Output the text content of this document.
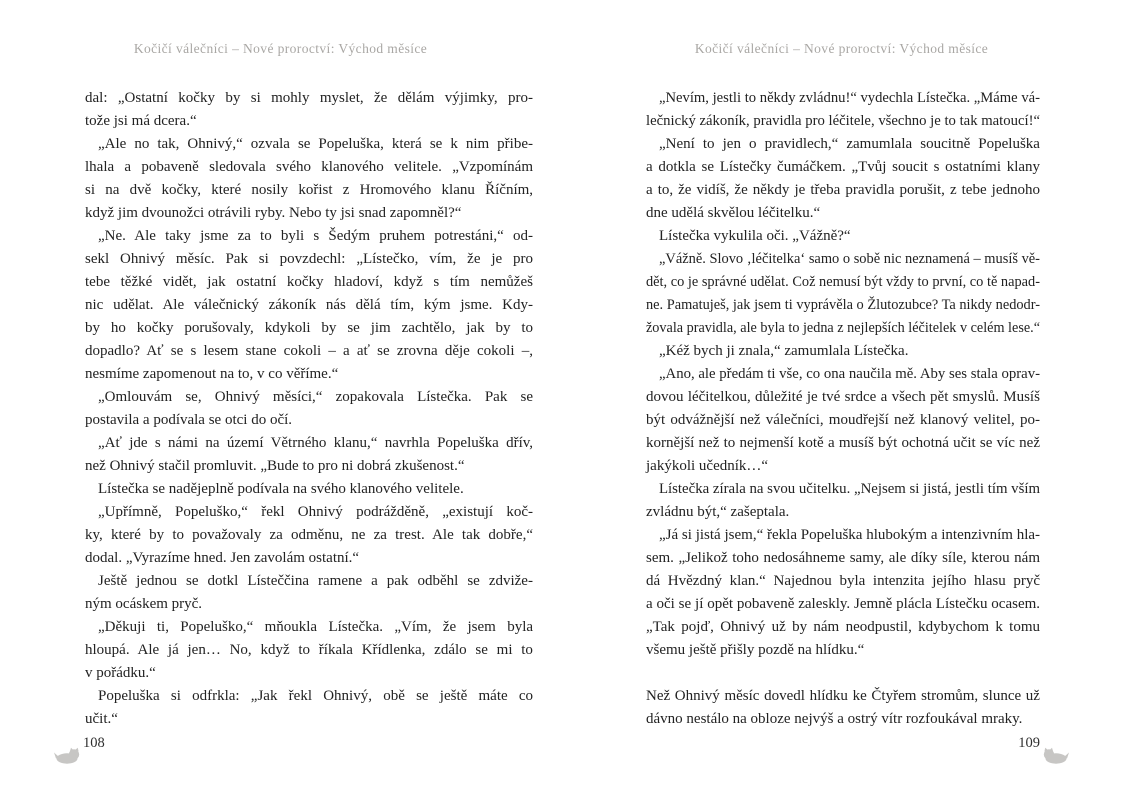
Kočičí válečníci – Nové proroctví: Východ měsíce	Kočičí válečníci – Nové proroctví: Východ měsíce

dal: „Ostatní kočky by si mohly myslet, že dělám výjimky, pro-
tože jsi má dcera.“

„Ale no tak, Ohnivý,“ ozvala se Popeluška, která se k nim přibe-
lhala a pobaveně sledovala svého klanového velitele. „Vzpomínám
si na dvě kočky, které nosily kořist z Hromového klanu Říčním,
když jim dvounožci otrávili ryby. Nebo ty jsi snad zapomněl?“

„Ne. Ale taky jsme za to byli s Šedým pruhem potrestáni,“ od-
sekl Ohnivý měsíc. Pak si povzdechl: „Lístečko, vím, že je pro
tebe těžké vidět, jak ostatní kočky hladoví, když s tím nemůžeš
nic udělat. Ale válečnický zákoník nás dělá tím, kým jsme. Kdy-
by ho kočky porušovaly, kdykoli by se jim zachtělo, jak by to
dopadlo? Ať se s lesem stane cokoli – a ať se zrovna děje cokoli –,
nesmíme zapomenout na to, v co věříme.“

„Omlouvám se, Ohnivý měsíci,“ zopakovala Lístečka. Pak se
postavila a podívala se otci do očí.

„Ať jde s námi na území Větrného klanu,“ navrhla Popeluška dřív,
než Ohnivý stačil promluvit. „Bude to pro ni dobrá zkušenost.“

Lístečka se nadějeplně podívala na svého klanového velitele.

„Upřímně, Popeluško,“ řekl Ohnivý podrážděně, „existují koč-
ky, které by to považovaly za odměnu, ne za trest. Ale tak dobře,“
dodal. „Vyrazíme hned. Jen zavolám ostatní.“

Ještě jednou se dotkl Lísteččina ramene a pak odběhl se zdviže-
ným ocáskem pryč.

„Děkuji ti, Popeluško,“ mňoukla Lístečka. „Vím, že jsem byla
hloupá. Ale já jen… No, když to říkala Křídlenka, zdálo se mi to
v pořádku.“

Popeluška si odfrkla: „Jak řekl Ohnivý, obě se ještě máte co
učit.“

„Nevím, jestli to někdy zvládnu!“ vydechla Lístečka. „Máme vá-
lečnický zákoník, pravidla pro léčitele, všechno je to tak matoucí!“

„Není to jen o pravidlech,“ zamumlala soucitně Popeluška
a dotkla se Lístečky čumáčkem. „Tvůj soucit s ostatními klany
a to, že vidíš, že někdy je třeba pravidla porušit, z tebe jednoho
dne udělá skvělou léčitelku.“

Lístečka vykulila oči. „Vážně?“

„Vážně. Slovo ‚léčitelka‘ samo o sobě nic neznamená – musíš vě-
dět, co je správné udělat. Což nemusí být vždy to první, co tě napad-
ne. Pamatuješ, jak jsem ti vyprávěla o Žlutozubce? Ta nikdy nedodr-
žovala pravidla, ale byla to jedna z nejlepších léčitelek v celém lese.“

„Kéž bych ji znala,“ zamumlala Lístečka.

„Ano, ale předám ti vše, co ona naučila mě. Aby ses stala oprav-
dovou léčitelkou, důležité je tvé srdce a všech pět smyslů. Musíš
být odvážnější než válečníci, moudřejší než klanový velitel, po-
kornější než to nejmenší kotě a musíš být ochotná učit se víc než
jakýkoli učedník…“

Lístečka zírala na svou učitelku. „Nejsem si jistá, jestli tím vším
zvládnu být,“ zašeptala.

„Já si jistá jsem,“ řekla Popeluška hlubokým a intenzivním hla-
sem. „Jelikož toho nedosáhneme samy, ale díky síle, kterou nám
dá Hvězdný klan.“ Najednou byla intenzita jejího hlasu pryč
a oči se jí opět pobaveně zaleskly. Jemně plácla Lístečku ocasem.
„Tak pojď, Ohnivý už by nám neodpustil, kdybychom k tomu
všemu ještě přišly pozdě na hlídku.“

Než Ohnivý měsíc dovedl hlídku ke Čtyřem stromům, slunce už
dávno nestálo na obloze nejvýš a ostrý vítr rozfoukával mraky.

108	109
